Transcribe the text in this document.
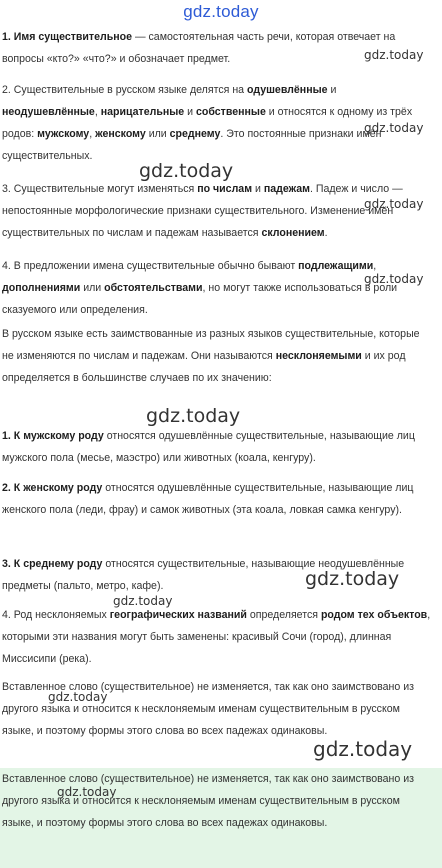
gdz.today
1. Имя существительное — самостоятельная часть речи, которая отвечает на вопросы «кто?» «что?» и обозначает предмет.
2. Существительные в русском языке делятся на одушевлённые и неодушевлённые, нарицательные и собственные и относятся к одному из трёх родов: мужскому, женскому или среднему. Это постоянные признаки имён существительных.
3. Существительные могут изменяться по числам и падежам. Падеж и число — непостоянные морфологические признаки существительного. Изменение имён существительных по числам и падежам называется склонением.
4. В предложении имена существительные обычно бывают подлежащими, дополнениями или обстоятельствами, но могут также использоваться в роли сказуемого или определения.
В русском языке есть заимствованные из разных языков существительные, которые не изменяются по числам и падежам. Они называются несклоняемыми и их род определяется в большинстве случаев по их значению:
1. К мужскому роду относятся одушевлённые существительные, называющие лиц мужского пола (месье, маэстро) или животных (коала, кенгуру).
2. К женскому роду относятся одушевлённые существительные, называющие лиц женского пола (леди, фрау) и самок животных (эта коала, ловкая самка кенгуру).
3. К среднему роду относятся существительные, называющие неодушевлённые предметы (пальто, метро, кафе).
4. Род несклоняемых географических названий определяется родом тех объектов, которыми эти названия могут быть заменены: красивый Сочи (город), длинная Миссисипи (река).
Вставленное слово (существительное) не изменяется, так как оно заимствовано из другого языка и относится к несклоняемым именам существительным в русском языке, и поэтому формы этого слова во всех падежах одинаковы.
Вставленное слово (существительное) не изменяется, так как оно заимствовано из другого языка и относится к несклоняемым именам существительным в русском языке, и поэтому формы этого слова во всех падежах одинаковы.
gdz.today
gdz.today
gdz.today
gdz.today
gdz.today
gdz.today
gdz.today
gdz.today
gdz.today
gdz.today
gdz.today
